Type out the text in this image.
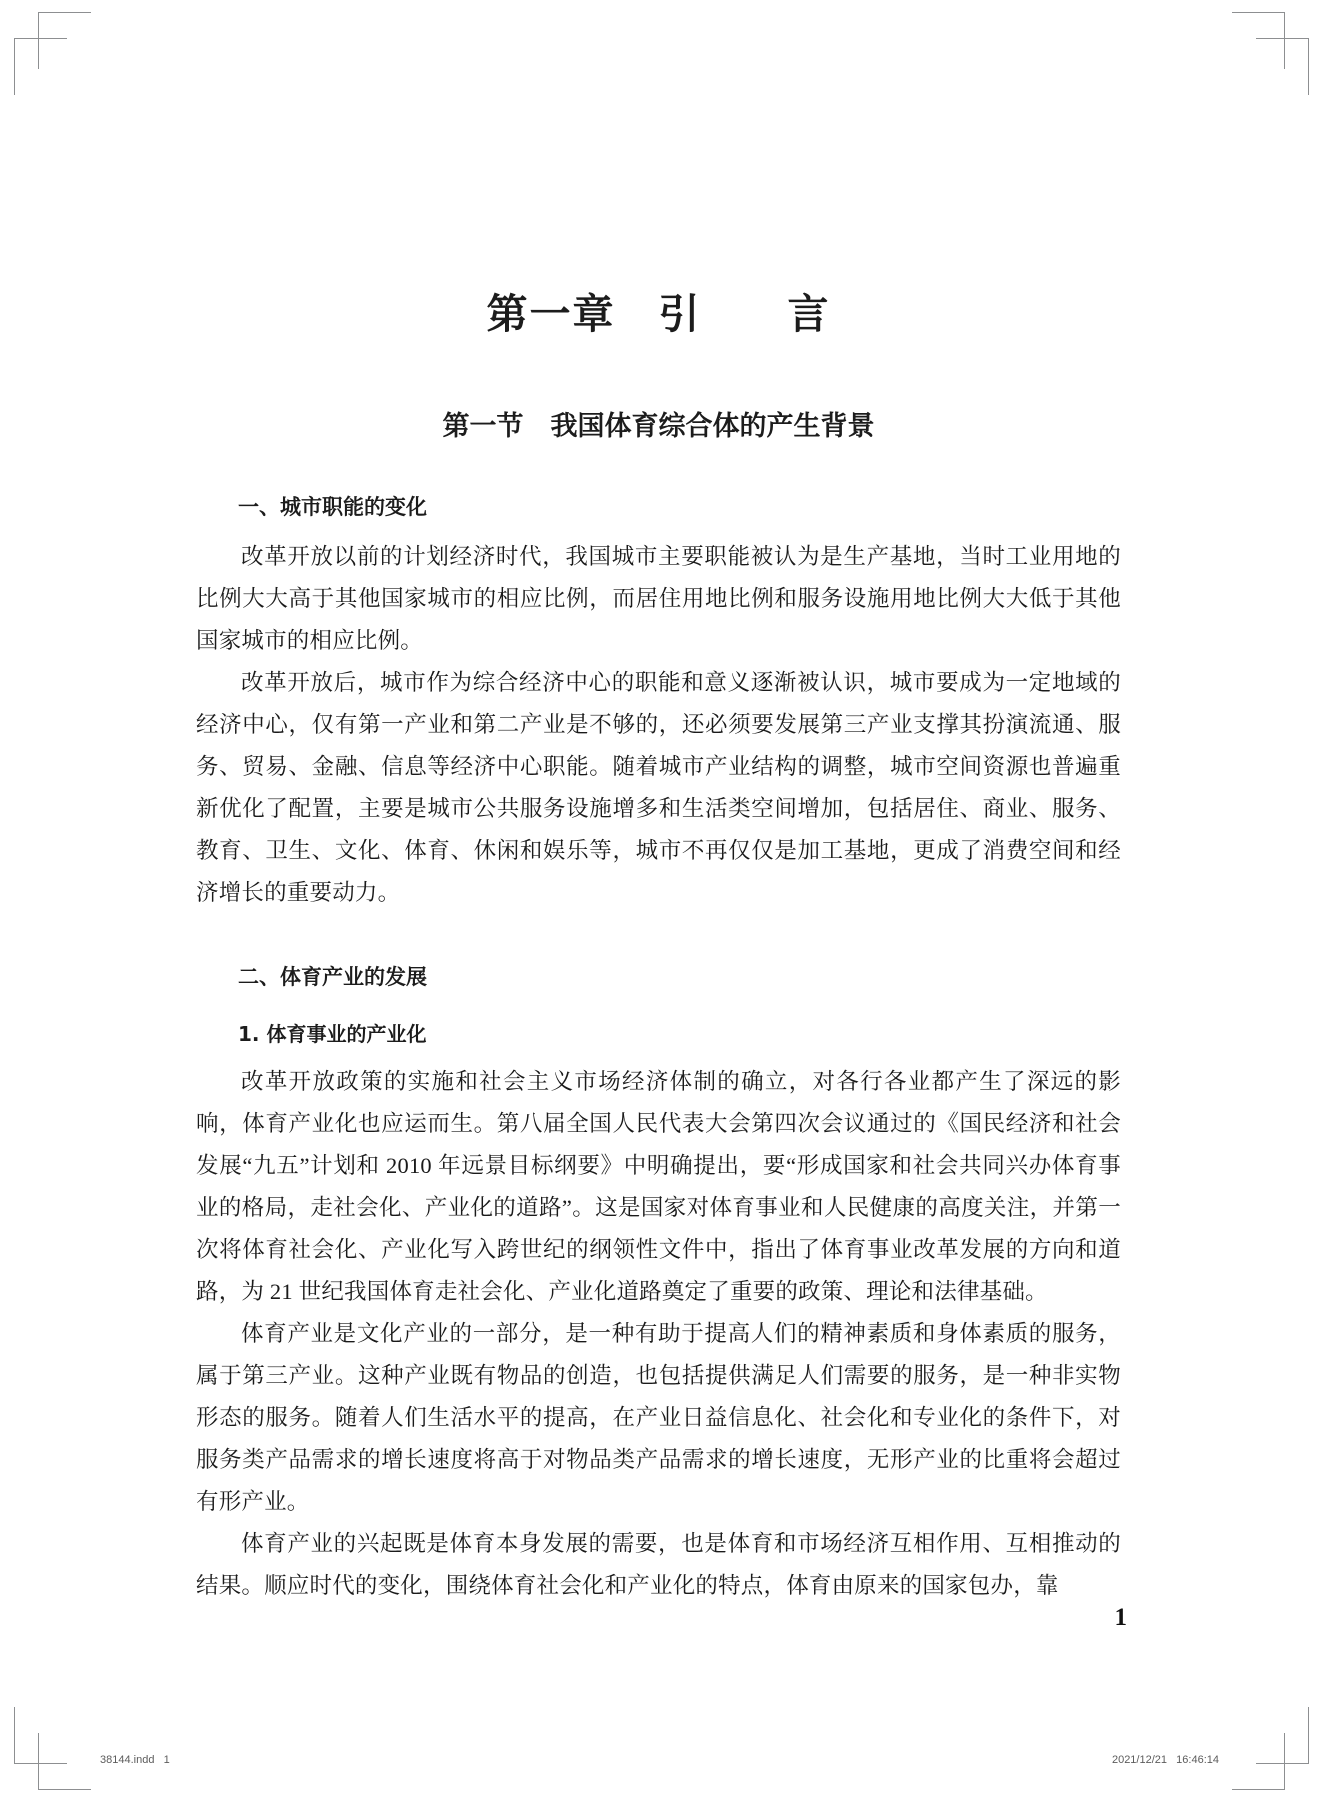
第一章　引　　言
第一节　我国体育综合体的产生背景
一、城市职能的变化

改革开放以前的计划经济时代，我国城市主要职能被认为是生产基地，当时工业用地的比例大大高于其他国家城市的相应比例，而居住用地比例和服务设施用地比例大大低于其他国家城市的相应比例。

改革开放后，城市作为综合经济中心的职能和意义逐渐被认识，城市要成为一定地域的经济中心，仅有第一产业和第二产业是不够的，还必须要发展第三产业支撑其扮演流通、服务、贸易、金融、信息等经济中心职能。随着城市产业结构的调整，城市空间资源也普遍重新优化了配置，主要是城市公共服务设施增多和生活类空间增加，包括居住、商业、服务、教育、卫生、文化、体育、休闲和娱乐等，城市不再仅仅是加工基地，更成了消费空间和经济增长的重要动力。

二、体育产业的发展
1. 体育事业的产业化

改革开放政策的实施和社会主义市场经济体制的确立，对各行各业都产生了深远的影响，体育产业化也应运而生。第八届全国人民代表大会第四次会议通过的《国民经济和社会发展“九五”计划和 2010 年远景目标纲要》中明确提出，要“形成国家和社会共同兴办体育事业的格局，走社会化、产业化的道路”。这是国家对体育事业和人民健康的高度关注，并第一次将体育社会化、产业化写入跨世纪的纲领性文件中，指出了体育事业改革发展的方向和道路，为 21 世纪我国体育走社会化、产业化道路奠定了重要的政策、理论和法律基础。

体育产业是文化产业的一部分，是一种有助于提高人们的精神素质和身体素质的服务，属于第三产业。这种产业既有物品的创造，也包括提供满足人们需要的服务，是一种非实物形态的服务。随着人们生活水平的提高，在产业日益信息化、社会化和专业化的条件下，对服务类产品需求的增长速度将高于对物品类产品需求的增长速度，无形产业的比重将会超过有形产业。

体育产业的兴起既是体育本身发展的需要，也是体育和市场经济互相作用、互相推动的结果。顺应时代的变化，围绕体育社会化和产业化的特点，体育由原来的国家包办，靠

1
38144.indd   1	2021/12/21   16:46:14
